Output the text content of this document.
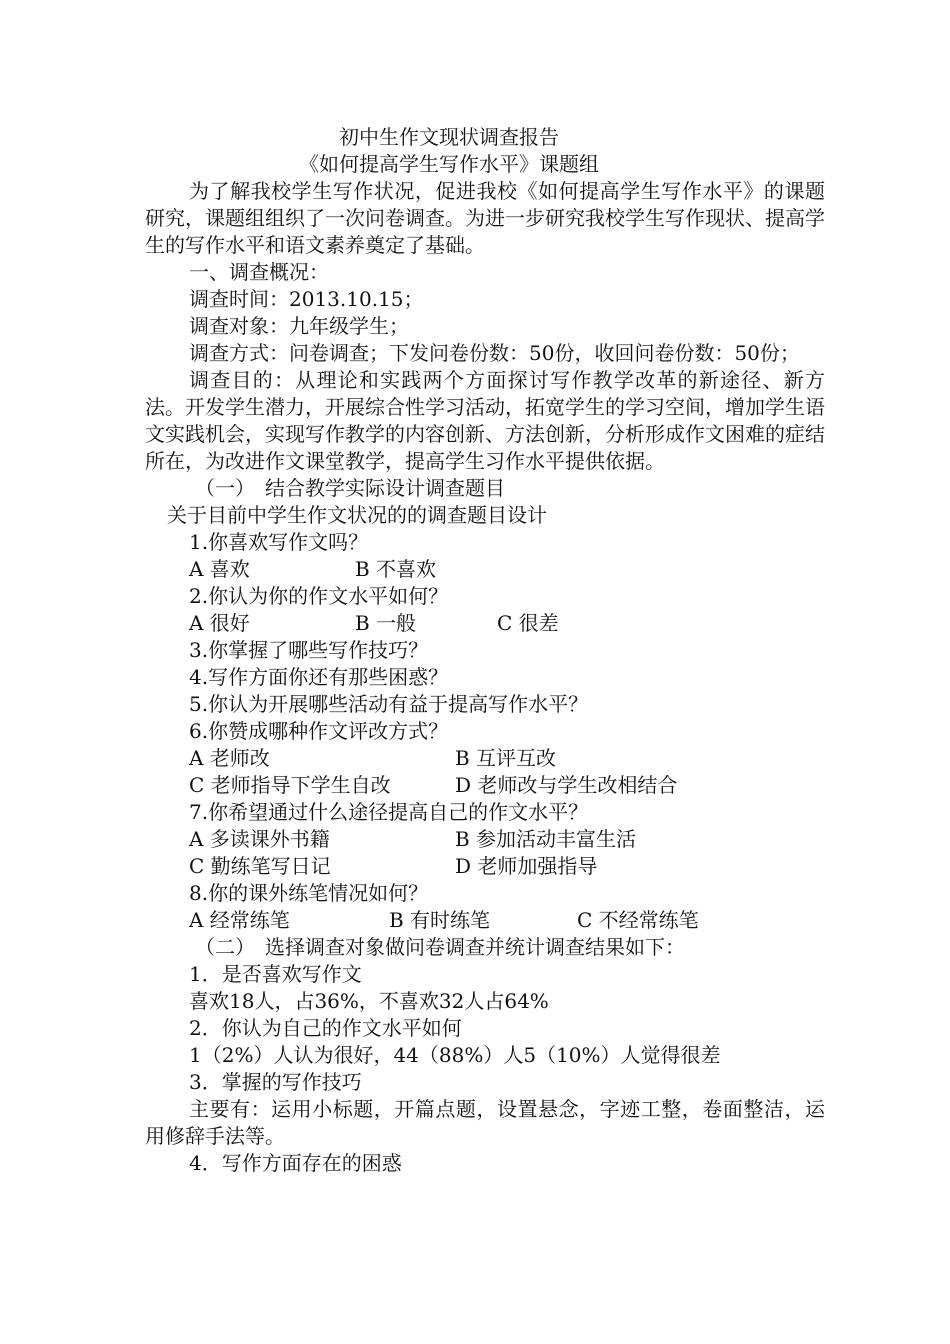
初中生作文现状调查报告
《如何提高学生写作水平》课题组

为了解我校学生写作状况，促进我校《如何提高学生写作水平》的课题研究，课题组组织了一次问卷调查。为进一步研究我校学生写作现状、提高学生的写作水平和语文素养奠定了基础。

一、调查概况：
调查时间：2013.10.15；
调查对象：九年级学生；

调查方式：问卷调查；下发问卷份数：50份，收回问卷份数：50份；

调查目的：从理论和实践两个方面探讨写作教学改革的新途径、新方法。开发学生潜力，开展综合性学习活动，拓宽学生的学习空间，增加学生语文实践机会，实现写作教学的内容创新、方法创新，分析形成作文困难的症结所在，为改进作文课堂教学，提高学生习作水平提供依据。

（一）　结合教学实际设计调查题目
关于目前中学生作文状况的的调查题目设计
1.你喜欢写作文吗？
A 喜欢	B 不喜欢
2.你认为你的作文水平如何？
A 很好	B 一般	C 很差
3.你掌握了哪些写作技巧？
4.写作方面你还有那些困惑？
5.你认为开展哪些活动有益于提高写作水平？
6.你赞成哪种作文评改方式？
A 老师改	B 互评互改
C 老师指导下学生自改	D 老师改与学生改相结合
7.你希望通过什么途径提高自己的作文水平？
A 多读课外书籍	B 参加活动丰富生活
C 勤练笔写日记	D 老师加强指导
8.你的课外练笔情况如何？
A 经常练笔	B 有时练笔	C 不经常练笔
（二）　选择调查对象做问卷调查并统计调查结果如下：
1．是否喜欢写作文
喜欢18人，占36%，不喜欢32人占64%
2．你认为自己的作文水平如何
1（2%）人认为很好，44（88%）人5（10%）人觉得很差
3．掌握的写作技巧

主要有：运用小标题，开篇点题，设置悬念，字迹工整，卷面整洁，运用修辞手法等。

4．写作方面存在的困惑
